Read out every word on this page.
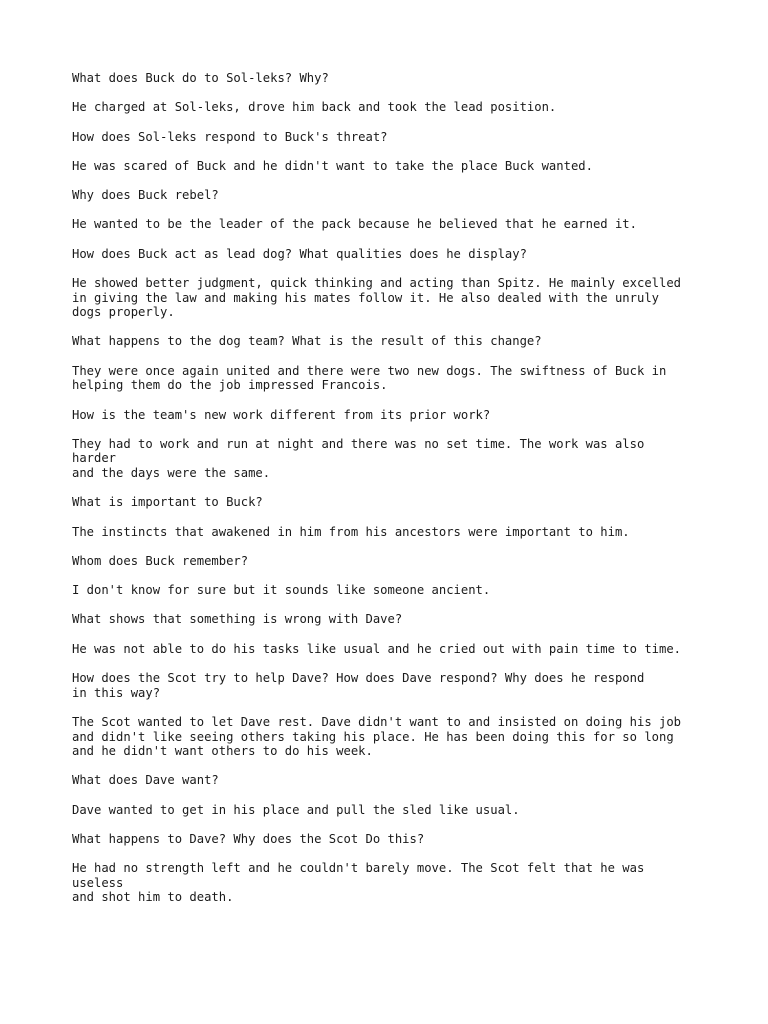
What does Buck do to Sol-leks? Why?

He charged at Sol-leks, drove him back and took the lead position.

How does Sol-leks respond to Buck's threat?

He was scared of Buck and he didn't want to take the place Buck wanted.

Why does Buck rebel?

He wanted to be the leader of the pack because he believed that he earned it.

How does Buck act as lead dog? What qualities does he display?

He showed better judgment, quick thinking and acting than Spitz. He mainly excelled
in giving the law and making his mates follow it. He also dealed with the unruly
dogs properly.

What happens to the dog team? What is the result of this change?

They were once again united and there were two new dogs. The swiftness of Buck in
helping them do the job impressed Francois.

How is the team's new work different from its prior work?

They had to work and run at night and there was no set time. The work was also
harder
and the days were the same.

What is important to Buck?

The instincts that awakened in him from his ancestors were important to him.

Whom does Buck remember?

I don't know for sure but it sounds like someone ancient.

What shows that something is wrong with Dave?

He was not able to do his tasks like usual and he cried out with pain time to time.

How does the Scot try to help Dave? How does Dave respond? Why does he respond
in this way?

The Scot wanted to let Dave rest. Dave didn't want to and insisted on doing his job
and didn't like seeing others taking his place. He has been doing this for so long
and he didn't want others to do his week.

What does Dave want?

Dave wanted to get in his place and pull the sled like usual.

What happens to Dave? Why does the Scot Do this?

He had no strength left and he couldn't barely move. The Scot felt that he was
useless
and shot him to death.
